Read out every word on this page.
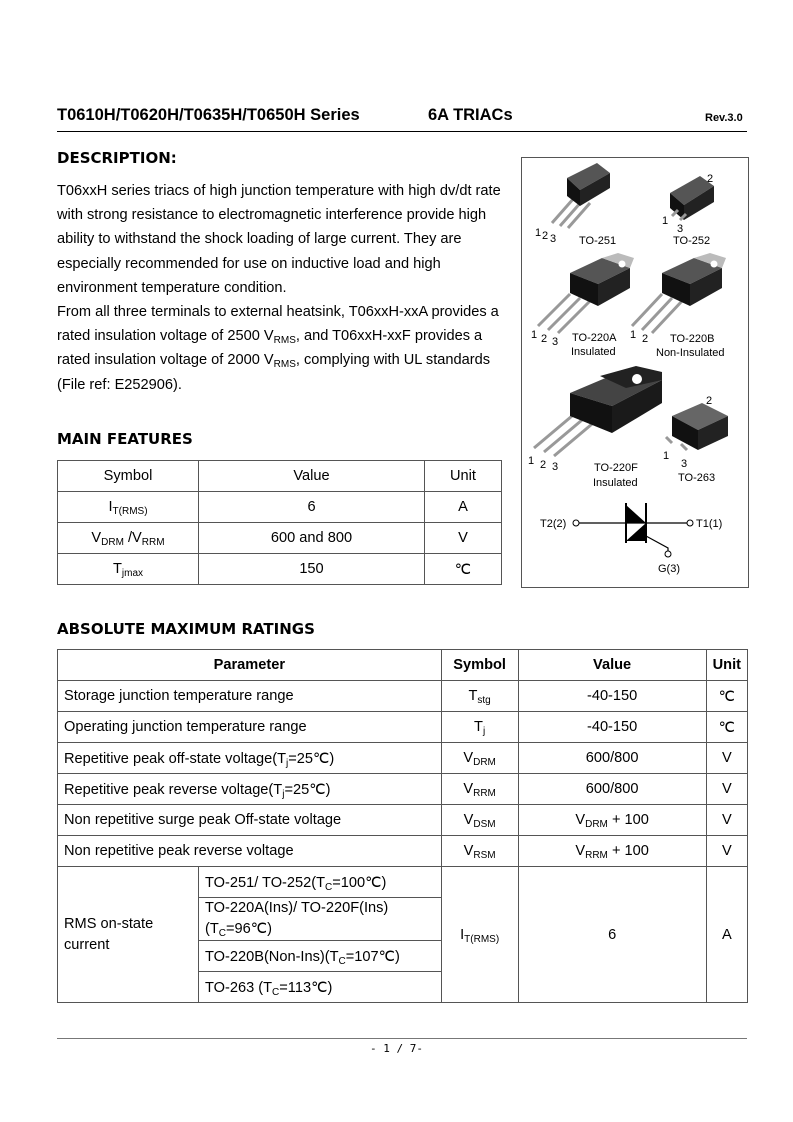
T0610H/T0620H/T0635H/T0650H Series	6A TRIACs	Rev.3.0
DESCRIPTION:
T06xxH series triacs of high junction temperature with high dv/dt rate with strong resistance to electromagnetic interference provide high ability to withstand the shock loading of large current. They are especially recommended for use on inductive load and high environment temperature condition.
From all three terminals to external heatsink, T06xxH-xxA provides a rated insulation voltage of 2500 $V_{RMS}$, and T06xxH-xxF provides a rated insulation voltage of 2000 $V_{RMS}$, complying with UL standards (File ref: E252906).
MAIN FEATURES
Symbol	Value	Unit
$I_{T(RMS)}$	6	A
$V_{DRM}$ $/V_{RRM}$	600 and 800	V
$T_{jmax}$	150	℃
1 2 3 TO-251
2
1
3
TO-252
1 2 3 TO-220A
Insulated
1 2 TO-220B
Non-Insulated
1 2 3	TO-220F
Insulated
2
1
3
TO-263
T2(2)	T1(1)
G(3)
ABSOLUTE MAXIMUM RATINGS
Parameter		Symbol	Value	Unit
Storage junction temperature range		$T_{stg}$	-40-150	℃
Operating junction temperature range		$T_j$	-40-150	℃
Repetitive peak off-state $voltage(T_j=25℃)$		$V_{DRM}$	600/800	V
Repetitive peak reverse $voltage(T_j=25℃)$		$V_{RRM}$	600/800	V
Non repetitive surge peak Off-state voltage		$V_{DSM}$	$V_{DRM} + 100$	V
Non repetitive peak reverse voltage		$V_{RSM}$	$V_{RRM} + 100$	V
RMS on-state current	TO-251/ $TO-252(T_C=100℃)$	$I_{T(RMS)}$	6	A
	TO-220A(Ins)/ TO-220F(Ins) $(T_C=96℃)$			
	$TO-220B(Non-Ins)(T_C=107℃)$			
	TO-263 $(T_C=113℃)$			
- 1 / 7-
